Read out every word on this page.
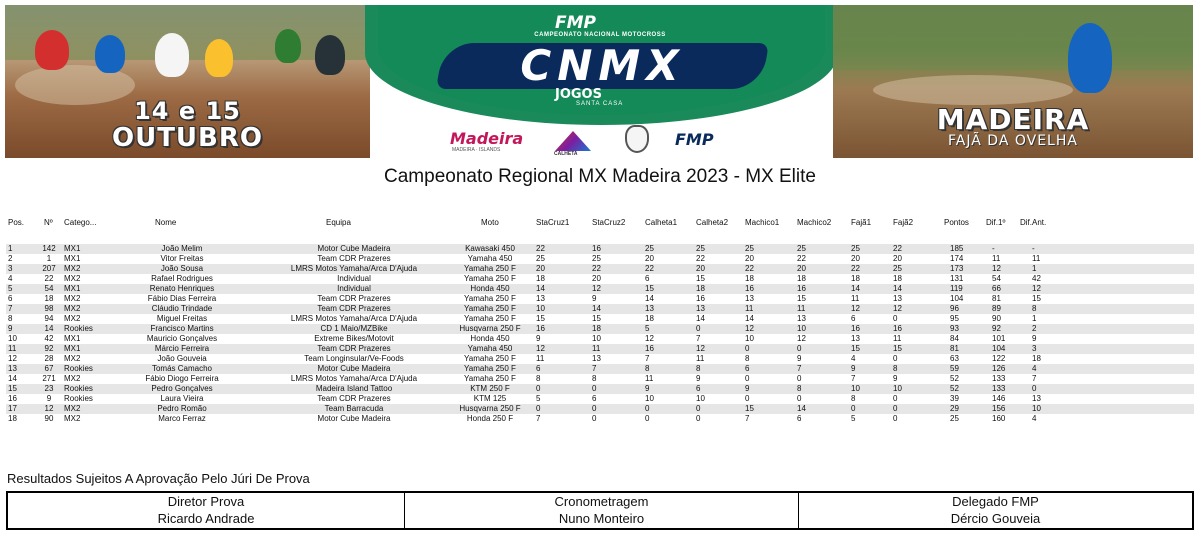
14 e 15
OUTUBRO
FMP
CAMPEONATO NACIONAL MOTOCROSS
CNMX
JOGOS
SANTA CASA
Madeira
MADEIRA · ISLANDS
CALHETA
FMP
MADEIRA
FAJÃ DA OVELHA
Campeonato Regional MX Madeira 2023 - MX Elite
Pos. Nº Catego...	Nome	Equipa	Moto	StaCruz1	StaCruz2 Calheta1 Calheta2 Machico1 Machico2 Fajã1	Fajã2	Pontos Dif.1º Dif.Ant.
1	142	MX1	João Melim	Motor Cube Madeira	Kawasaki 450	22	16	25	25	25	25	25	22	185	-	-
2	1	MX1	Vitor Freitas	Team CDR Prazeres	Yamaha 450	25	25	20	22	20	22	20	20	174	11	11
3	207	MX2	João Sousa	LMRS Motos Yamaha/Arca D'Ajuda	Yamaha 250 F	20	22	22	20	22	20	22	25	173	12	1
4	22	MX2	Rafael Rodrigues	Individual	Yamaha 250 F	18	20	6	15	18	18	18	18	131	54	42
5	54	MX1	Renato Henriques	Individual	Honda 450	14	12	15	18	16	16	14	14	119	66	12
6	18	MX2	Fábio Dias Ferreira	Team CDR Prazeres	Yamaha 250 F	13	9	14	16	13	15	11	13	104	81	15
7	98	MX2	Cláudio Trindade	Team CDR Prazeres	Yamaha 250 F	10	14	13	13	11	11	12	12	96	89	8
8	94	MX2	Miguel Freitas	LMRS Motos Yamaha/Arca D'Ajuda	Yamaha 250 F	15	15	18	14	14	13	6	0	95	90	1
9	14	Rookies	Francisco Martins	CD 1 Maio/MZBike	Husqvarna 250 F	16	18	5	0	12	10	16	16	93	92	2
10	42	MX1	Mauricio Gonçalves	Extreme Bikes/Motovit	Honda 450	9	10	12	7	10	12	13	11	84	101	9
11	92	MX1	Márcio Ferreira	Team CDR Prazeres	Yamaha 450	12	11	16	12	0	0	15	15	81	104	3
12	28	MX2	João Gouveia	Team Longinsular/Ve-Foods	Yamaha 250 F	11	13	7	11	8	9	4	0	63	122	18
13	67	Rookies	Tomás Camacho	Motor Cube Madeira	Yamaha 250 F	6	7	8	8	6	7	9	8	59	126	4
14	271	MX2	Fábio Diogo Ferreira	LMRS Motos Yamaha/Arca D'Ajuda	Yamaha 250 F	8	8	11	9	0	0	7	9	52	133	7
15	23	Rookies	Pedro Gonçalves	Madeira Island Tattoo	KTM 250 F	0	0	9	6	9	8	10	10	52	133	0
16	9	Rookies	Laura Vieira	Team CDR Prazeres	KTM 125	5	6	10	10	0	0	8	0	39	146	13
17	12	MX2	Pedro Romão	Team Barracuda	Husqvarna 250 F	0	0	0	0	15	14	0	0	29	156	10
18	90	MX2	Marco Ferraz	Motor Cube Madeira	Honda 250 F	7	0	0	0	7	6	5	0	25	160	4
Resultados Sujeitos A Aprovação Pelo Júri De Prova
Diretor Prova
Ricardo Andrade
Cronometragem
Nuno Monteiro
Delegado FMP
Dércio Gouveia
